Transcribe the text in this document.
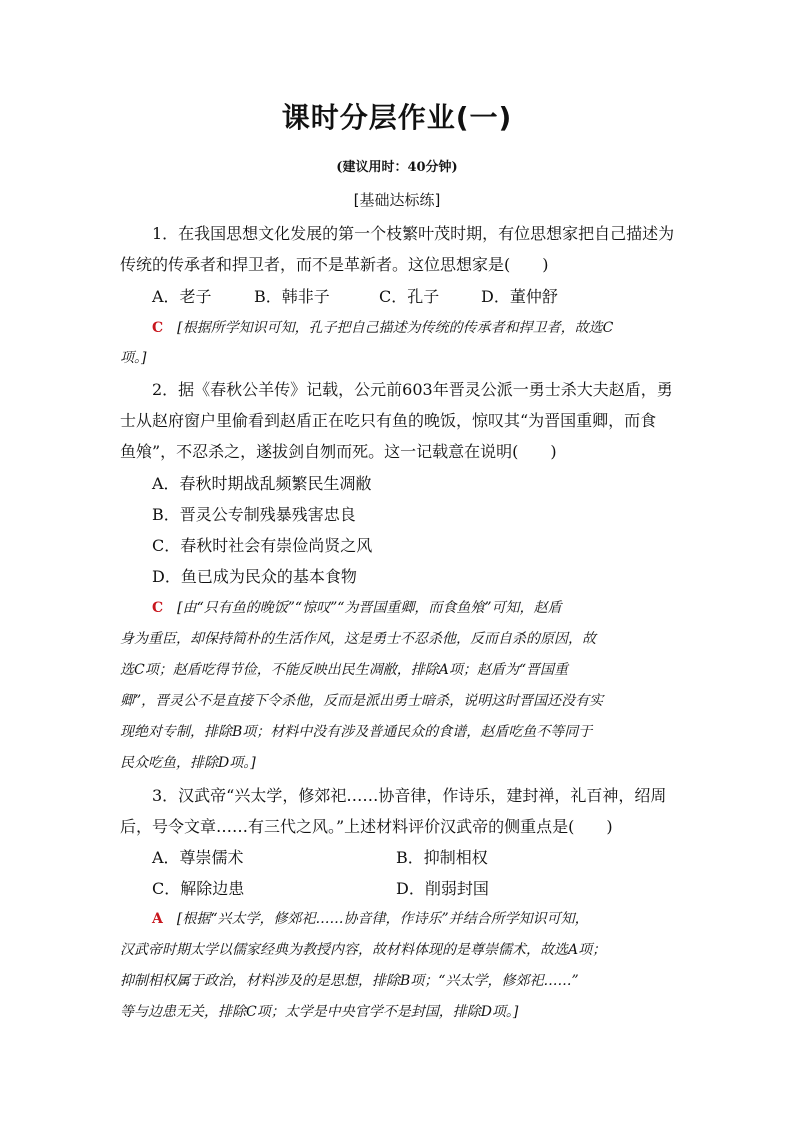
课时分层作业(一)
(建议用时：40分钟)
[基础达标练]
1．在我国思想文化发展的第一个枝繁叶茂时期，有位思想家把自己描述为
传统的传承者和捍卫者，而不是革新者。这位思想家是(　　)
A．老子	B．韩非子	C．孔子	D．董仲舒
C [根据所学知识可知，孔子把自己描述为传统的传承者和捍卫者，故选C
项。]
2．据《春秋公羊传》记载，公元前603年晋灵公派一勇士杀大夫赵盾，勇
士从赵府窗户里偷看到赵盾正在吃只有鱼的晚饭，惊叹其“为晋国重卿，而食
鱼飧”，不忍杀之，遂拔剑自刎而死。这一记载意在说明(　　)
A．春秋时期战乱频繁民生凋敝
B．晋灵公专制残暴残害忠良
C．春秋时社会有崇俭尚贤之风
D．鱼已成为民众的基本食物
C [由“只有鱼的晚饭”“惊叹”“为晋国重卿，而食鱼飧”可知，赵盾
身为重臣，却保持简朴的生活作风，这是勇士不忍杀他，反而自杀的原因，故
选C项；赵盾吃得节俭，不能反映出民生凋敝，排除A项；赵盾为“晋国重
卿”，晋灵公不是直接下令杀他，反而是派出勇士暗杀，说明这时晋国还没有实
现绝对专制，排除B项；材料中没有涉及普通民众的食谱，赵盾吃鱼不等同于
民众吃鱼，排除D项。]
3．汉武帝“兴太学，修郊祀……协音律，作诗乐，建封禅，礼百神，绍周
后，号令文章……有三代之风。”上述材料评价汉武帝的侧重点是(　　)
A．尊崇儒术	B．抑制相权
C．解除边患	D．削弱封国
A [根据“兴太学，修郊祀……协音律，作诗乐”并结合所学知识可知，
汉武帝时期太学以儒家经典为教授内容，故材料体现的是尊崇儒术，故选A项；
抑制相权属于政治，材料涉及的是思想，排除B项；“兴太学，修郊祀……”
等与边患无关，排除C项；太学是中央官学不是封国，排除D项。]
